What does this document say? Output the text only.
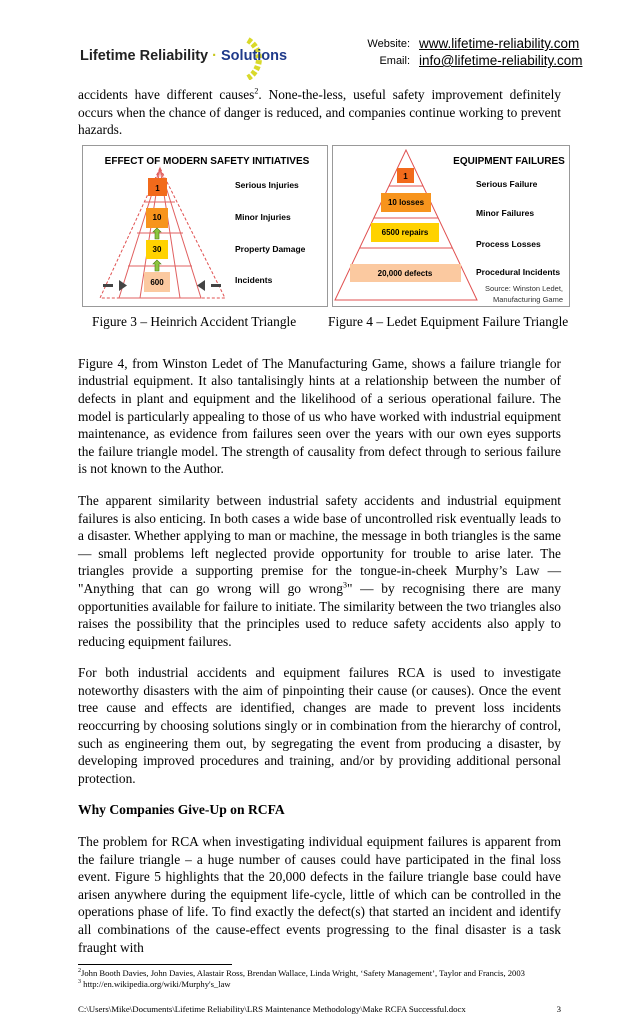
Lifetime Reliability · Solutions
Website:
Email:
www.lifetime-reliability.com
info@lifetime-reliability.com

accidents have different causes$^2$. None-the-less, useful safety improvement definitely occurs when the chance of danger is reduced, and companies continue working to prevent hazards.

EFFECT OF MODERN SAFETY INITIATIVES
1
10
30
600
Serious Injuries
Minor Injuries
Property Damage
Incidents
EQUIPMENT FAILURES
1
10 losses
6500 repairs
20,000 defects
Serious Failure
Minor Failures
Process Losses
Procedural Incidents
Source: Winston Ledet,
Manufacturing Game
Figure 3 – Heinrich Accident Triangle Figure 4 – Ledet Equipment Failure Triangle

Figure 4, from Winston Ledet of The Manufacturing Game, shows a failure triangle for industrial equipment. It also tantalisingly hints at a relationship between the number of defects in plant and equipment and the likelihood of a serious operational failure. The model is particularly appealing to those of us who have worked with industrial equipment maintenance, as evidence from failures seen over the years with our own eyes supports the failure triangle model. The strength of causality from defect through to serious failure is not known to the Author.

The apparent similarity between industrial safety accidents and industrial equipment failures is also enticing. In both cases a wide base of uncontrolled risk eventually leads to a disaster. Whether applying to man or machine, the message in both triangles is the same — small problems left neglected provide opportunity for trouble to arise later. The triangles provide a supporting premise for the tongue-in-cheek Murphy’s Law — "Anything that can go wrong will go wrong$^3$" — by recognising there are many opportunities available for failure to initiate. The similarity between the two triangles also raises the possibility that the principles used to reduce safety accidents also apply to reducing equipment failures.

For both industrial accidents and equipment failures RCA is used to investigate noteworthy disasters with the aim of pinpointing their cause (or causes). Once the event tree cause and effects are identified, changes are made to prevent loss incidents reoccurring by choosing solutions singly or in combination from the hierarchy of control, such as engineering them out, by segregating the event from producing a disaster, by developing improved procedures and training, and/or by providing additional personal protection.

Why Companies Give-Up on RCFA

The problem for RCA when investigating individual equipment failures is apparent from the failure triangle – a huge number of causes could have participated in the final loss event. Figure 5 highlights that the 20,000 defects in the failure triangle base could have arisen anywhere during the equipment life-cycle, little of which can be controlled in the operations phase of life. To find exactly the defect(s) that started an incident and identify all combinations of the cause-effect events progressing to the final disaster is a task fraught with

$^2$John Booth Davies, John Davies, Alastair Ross, Brendan Wallace, Linda Wright, ‘Safety Management’, Taylor and Francis, 2003
$^3$ http://en.wikipedia.org/wiki/Murphy's_law
C:\Users\Mike\Documents\Lifetime Reliability\LRS Maintenance Methodology\Make RCFA Successful.docx	3
